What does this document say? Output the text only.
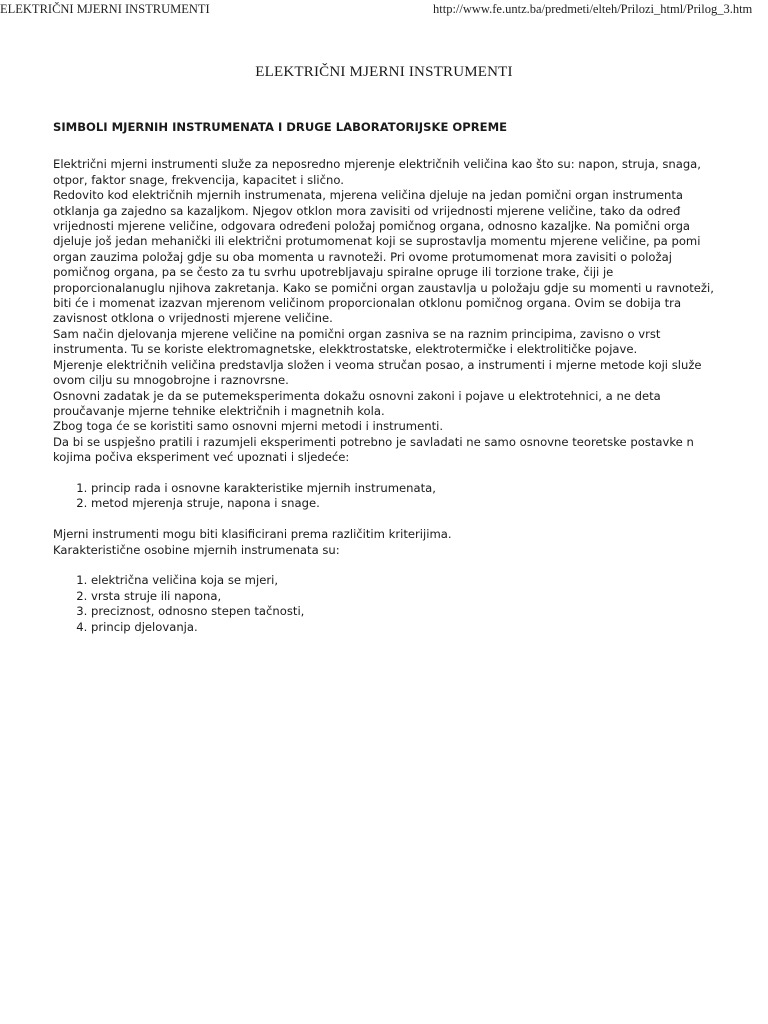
ELEKTRIČNI MJERNI INSTRUMENTI	http://www.fe.untz.ba/predmeti/elteh/Prilozi_html/Prilog_3.htm
ELEKTRIČNI MJERNI INSTRUMENTI
SIMBOLI MJERNIH INSTRUMENATA I DRUGE LABORATORIJSKE OPREME

Električni mjerni instrumenti služe za neposredno mjerenje električnih veličina kao što su: napon, struja, snaga,

otpor, faktor snage, frekvencija, kapacitet i slično.

Redovito kod električnih mjernih instrumenata, mjerena veličina djeluje na jedan pomični organ instrumenta

otklanja ga zajedno sa kazaljkom. Njegov otklon mora zavisiti od vrijednosti mjerene veličine, tako da određ

vrijednosti mjerene veličine, odgovara određeni položaj pomičnog organa, odnosno kazaljke. Na pomični orga

djeluje još jedan mehanički ili električni protumomenat koji se suprostavlja momentu mjerene veličine, pa pomi

organ zauzima položaj gdje su oba momenta u ravnoteži. Pri ovome protumomenat mora zavisiti o položaj

pomičnog organa, pa se često za tu svrhu upotrebljavaju spiralne opruge ili torzione trake, čiji je

proporcionalanuglu njihova zakretanja. Kako se pomični organ zaustavlja u položaju gdje su momenti u ravnoteži,

biti će i momenat izazvan mjerenom veličinom proporcionalan otklonu pomičnog organa. Ovim se dobija tra

zavisnost otklona o vrijednosti mjerene veličine.

Sam način djelovanja mjerene veličine na pomični organ zasniva se na raznim principima, zavisno o vrst

instrumenta. Tu se koriste elektromagnetske, elekktrostatske, elektrotermičke i elektrolitičke pojave.

Mjerenje električnih veličina predstavlja složen i veoma stručan posao, a instrumenti i mjerne metode koji služe

ovom cilju su mnogobrojne i raznovrsne.

Osnovni zadatak je da se putemeksperimenta dokažu osnovni zakoni i pojave u elektrotehnici, a ne deta

proučavanje mjerne tehnike električnih i magnetnih kola.

Zbog toga će se koristiti samo osnovni mjerni metodi i instrumenti.

Da bi se uspješno pratili i razumjeli eksperimenti potrebno je savladati ne samo osnovne teoretske postavke n

kojima počiva eksperiment već upoznati i sljedeće:

1. princip rada i osnovne karakteristike mjernih instrumenata,
2. metod mjerenja struje, napona i snage.

Mjerni instrumenti mogu biti klasificirani prema različitim kriterijima.

Karakteristične osobine mjernih instrumenata su:

1. električna veličina koja se mjeri,
2. vrsta struje ili napona,
3. preciznost, odnosno stepen tačnosti,
4. princip djelovanja.
